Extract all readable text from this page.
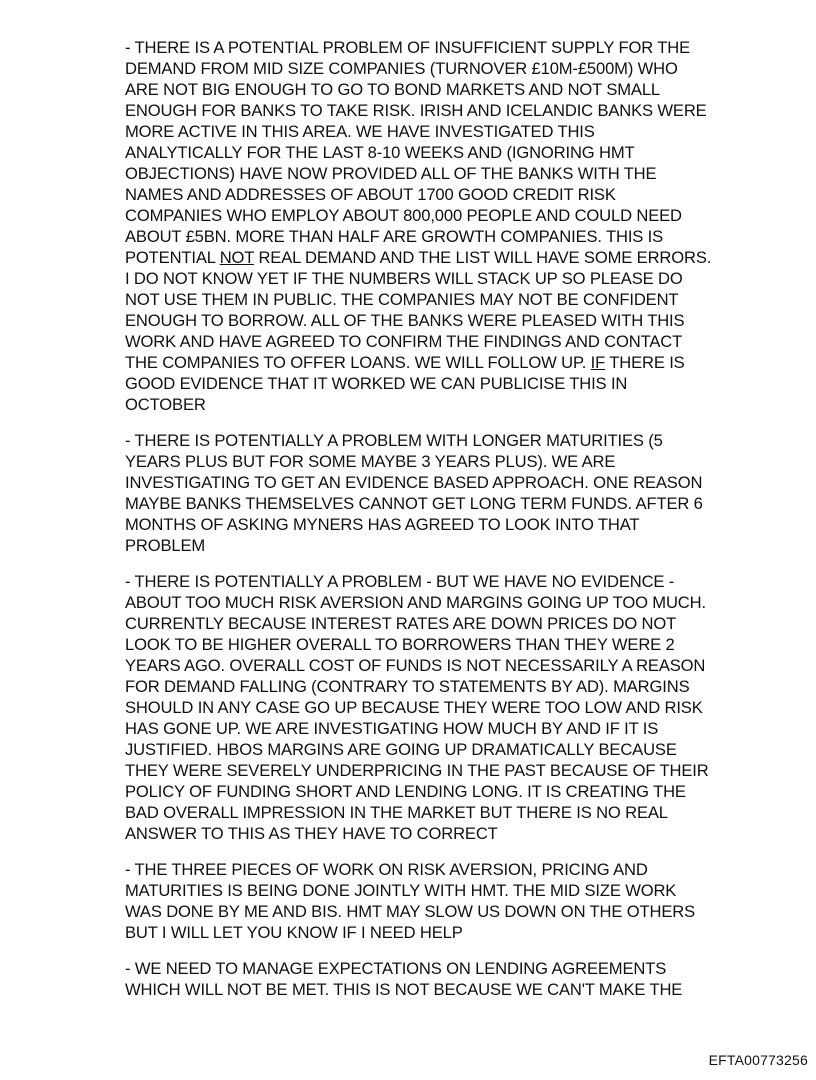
- THERE IS A POTENTIAL PROBLEM OF INSUFFICIENT SUPPLY FOR THE
DEMAND FROM MID SIZE COMPANIES (TURNOVER £10M-£500M) WHO
ARE NOT BIG ENOUGH TO GO TO BOND MARKETS AND NOT SMALL
ENOUGH FOR BANKS TO TAKE RISK. IRISH AND ICELANDIC BANKS WERE
MORE ACTIVE IN THIS AREA. WE HAVE INVESTIGATED THIS
ANALYTICALLY FOR THE LAST 8-10 WEEKS AND (IGNORING HMT
OBJECTIONS) HAVE NOW PROVIDED ALL OF THE BANKS WITH THE
NAMES AND ADDRESSES OF ABOUT 1700 GOOD CREDIT RISK
COMPANIES WHO EMPLOY ABOUT 800,000 PEOPLE AND COULD NEED
ABOUT £5BN. MORE THAN HALF ARE GROWTH COMPANIES. THIS IS
POTENTIAL NOT REAL DEMAND AND THE LIST WILL HAVE SOME ERRORS.
I DO NOT KNOW YET IF THE NUMBERS WILL STACK UP SO PLEASE DO
NOT USE THEM IN PUBLIC. THE COMPANIES MAY NOT BE CONFIDENT
ENOUGH TO BORROW. ALL OF THE BANKS WERE PLEASED WITH THIS
WORK AND HAVE AGREED TO CONFIRM THE FINDINGS AND CONTACT
THE COMPANIES TO OFFER LOANS. WE WILL FOLLOW UP. IF THERE IS
GOOD EVIDENCE THAT IT WORKED WE CAN PUBLICISE THIS IN
OCTOBER

- THERE IS POTENTIALLY A PROBLEM WITH LONGER MATURITIES (5
YEARS PLUS BUT FOR SOME MAYBE 3 YEARS PLUS). WE ARE
INVESTIGATING TO GET AN EVIDENCE BASED APPROACH. ONE REASON
MAYBE BANKS THEMSELVES CANNOT GET LONG TERM FUNDS. AFTER 6
MONTHS OF ASKING MYNERS HAS AGREED TO LOOK INTO THAT
PROBLEM

- THERE IS POTENTIALLY A PROBLEM - BUT WE HAVE NO EVIDENCE -
ABOUT TOO MUCH RISK AVERSION AND MARGINS GOING UP TOO MUCH.
CURRENTLY BECAUSE INTEREST RATES ARE DOWN PRICES DO NOT
LOOK TO BE HIGHER OVERALL TO BORROWERS THAN THEY WERE 2
YEARS AGO. OVERALL COST OF FUNDS IS NOT NECESSARILY A REASON
FOR DEMAND FALLING (CONTRARY TO STATEMENTS BY AD). MARGINS
SHOULD IN ANY CASE GO UP BECAUSE THEY WERE TOO LOW AND RISK
HAS GONE UP. WE ARE INVESTIGATING HOW MUCH BY AND IF IT IS
JUSTIFIED. HBOS MARGINS ARE GOING UP DRAMATICALLY BECAUSE
THEY WERE SEVERELY UNDERPRICING IN THE PAST BECAUSE OF THEIR
POLICY OF FUNDING SHORT AND LENDING LONG. IT IS CREATING THE
BAD OVERALL IMPRESSION IN THE MARKET BUT THERE IS NO REAL
ANSWER TO THIS AS THEY HAVE TO CORRECT

- THE THREE PIECES OF WORK ON RISK AVERSION, PRICING AND
MATURITIES IS BEING DONE JOINTLY WITH HMT. THE MID SIZE WORK
WAS DONE BY ME AND BIS. HMT MAY SLOW US DOWN ON THE OTHERS
BUT I WILL LET YOU KNOW IF I NEED HELP

- WE NEED TO MANAGE EXPECTATIONS ON LENDING AGREEMENTS
WHICH WILL NOT BE MET. THIS IS NOT BECAUSE WE CAN'T MAKE THE

EFTA00773256
